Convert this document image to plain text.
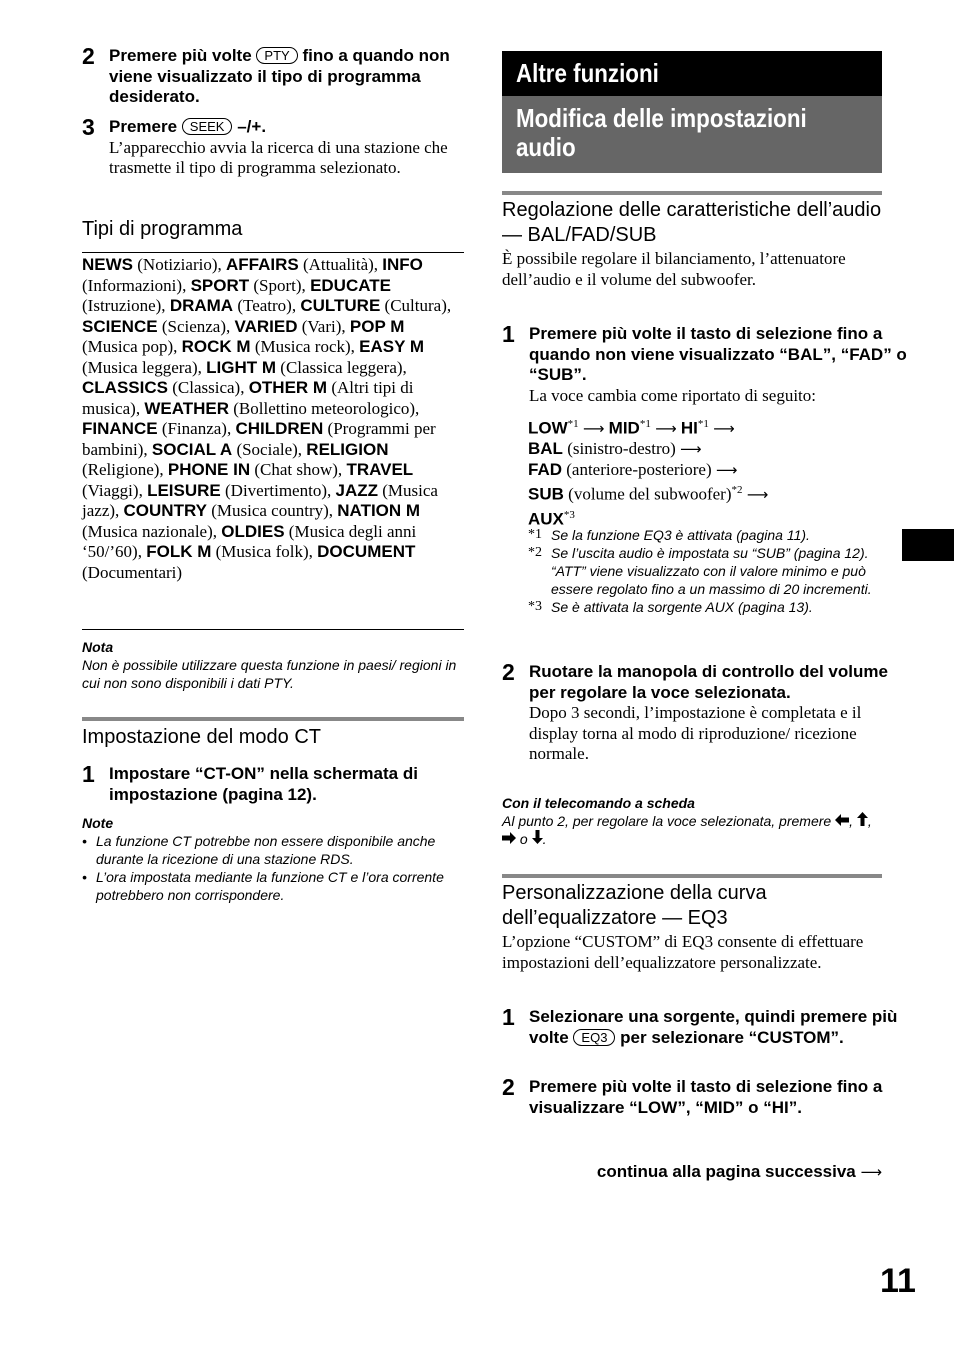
2 Premere più volte PTY fino a quando non viene visualizzato il tipo di programma desiderato.
3 Premere SEEK –/+.
L’apparecchio avvia la ricerca di una stazione che trasmette il tipo di programma selezionato.
Tipi di programma
NEWS (Notiziario), AFFAIRS (Attualità), INFO (Informazioni), SPORT (Sport), EDUCATE (Istruzione), DRAMA (Teatro), CULTURE (Cultura), SCIENCE (Scienza), VARIED (Vari), POP M (Musica pop), ROCK M (Musica rock), EASY M (Musica leggera), LIGHT M (Classica leggera), CLASSICS (Classica), OTHER M (Altri tipi di musica), WEATHER (Bollettino meteorologico), FINANCE (Finanza), CHILDREN (Programmi per bambini), SOCIAL A (Sociale), RELIGION (Religione), PHONE IN (Chat show), TRAVEL (Viaggi), LEISURE (Divertimento), JAZZ (Musica jazz), COUNTRY (Musica country), NATION M (Musica nazionale), OLDIES (Musica degli anni ‘50/’60), FOLK M (Musica folk), DOCUMENT (Documentari)
Nota
Non è possibile utilizzare questa funzione in paesi/ regioni in cui non sono disponibili i dati PTY.
Impostazione del modo CT
1 Impostare “CT-ON” nella schermata di impostazione (pagina 12).
Note
• La funzione CT potrebbe non essere disponibile anche durante la ricezione di una stazione RDS.
• L’ora impostata mediante la funzione CT e l’ora corrente potrebbero non corrispondere.
Altre funzioni
Modifica delle impostazioni audio
Regolazione delle caratteristiche dell’audio — BAL/FAD/SUB
È possibile regolare il bilanciamento, l’attenuatore dell’audio e il volume del subwoofer.
1 Premere più volte il tasto di selezione fino a quando non viene visualizzato “BAL”, “FAD” o “SUB”.
La voce cambia come riportato di seguito:
LOW$^{*1}$ ⟶ MID$^{*1}$ ⟶ HI$^{*1}$ ⟶
BAL (sinistro-destro) ⟶
FAD (anteriore-posteriore) ⟶
SUB (volume del subwoofer)$^{*2}$ ⟶
AUX$^{*3}$
*1 Se la funzione EQ3 è attivata (pagina 11).
*2 Se l’uscita audio è impostata su “SUB” (pagina 12). “ATT” viene visualizzato con il valore minimo e può essere regolato fino a un massimo di 20 incrementi.
*3 Se è attivata la sorgente AUX (pagina 13).
2 Ruotare la manopola di controllo del volume per regolare la voce selezionata.
Dopo 3 secondi, l’impostazione è completata e il display torna al modo di riproduzione/ ricezione normale.
Con il telecomando a scheda
Al punto 2, per regolare la voce selezionata, premere , ,  o .
Personalizzazione della curva dell’equalizzatore — EQ3
L’opzione “CUSTOM” di EQ3 consente di effettuare impostazioni dell’equalizzatore personalizzate.
1 Selezionare una sorgente, quindi premere più volte EQ3 per selezionare “CUSTOM”.
2 Premere più volte il tasto di selezione fino a visualizzare “LOW”, “MID” o “HI”.
continua alla pagina successiva ⟶
11
